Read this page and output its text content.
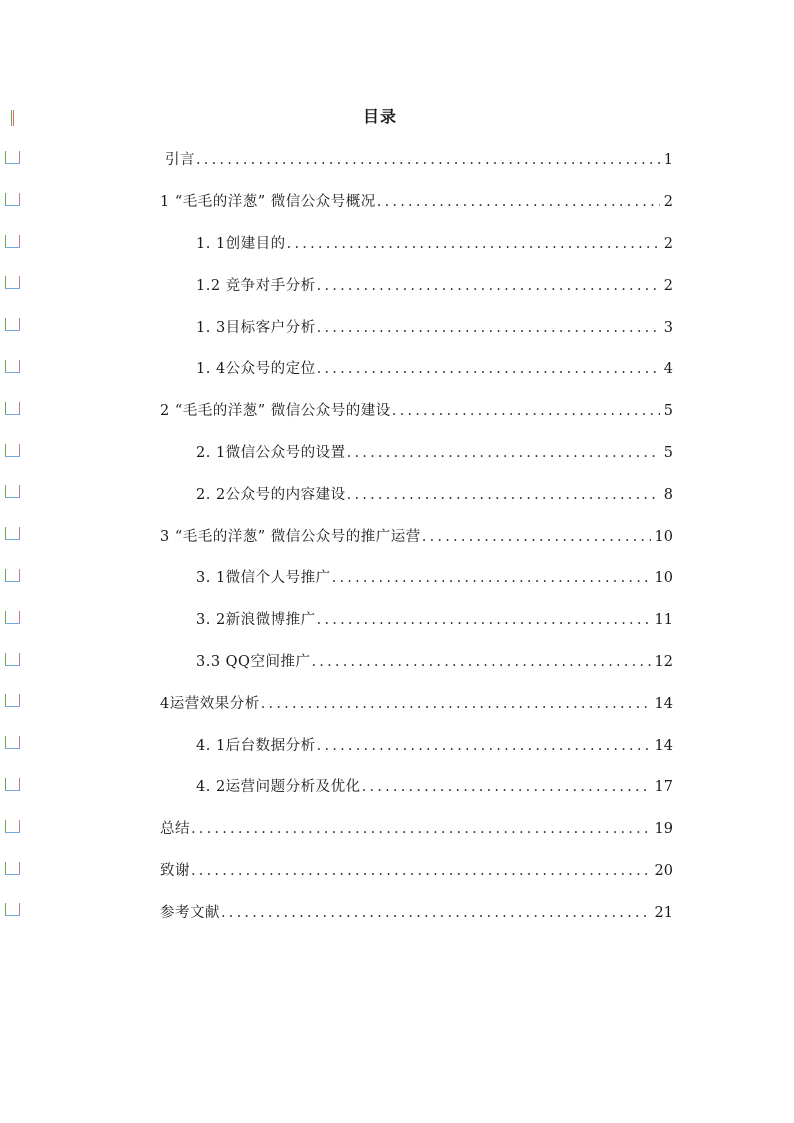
目录
引言 .....	1
1 “毛毛的洋葱” 微信公众号概况 .....	2
1. 1创建目的 .....	2
1.2 竞争对手分析 .....	2
1. 3目标客户分析 .....	3
1. 4公众号的定位 .....	4
2 “毛毛的洋葱” 微信公众号的建设 .....	5
2. 1微信公众号的设置 .....	5
2. 2公众号的内容建设 .....	8
3 “毛毛的洋葱” 微信公众号的推广运营 .....	10
3. 1微信个人号推广 .....	10
3. 2新浪微博推广 .....	11
3.3 QQ空间推广 .....	12
4运营效果分析 .....	14
4. 1后台数据分析 .....	14
4. 2运营问题分析及优化 .....	17
总结 .....	19
致谢 .....	20
参考文献 .....	21
